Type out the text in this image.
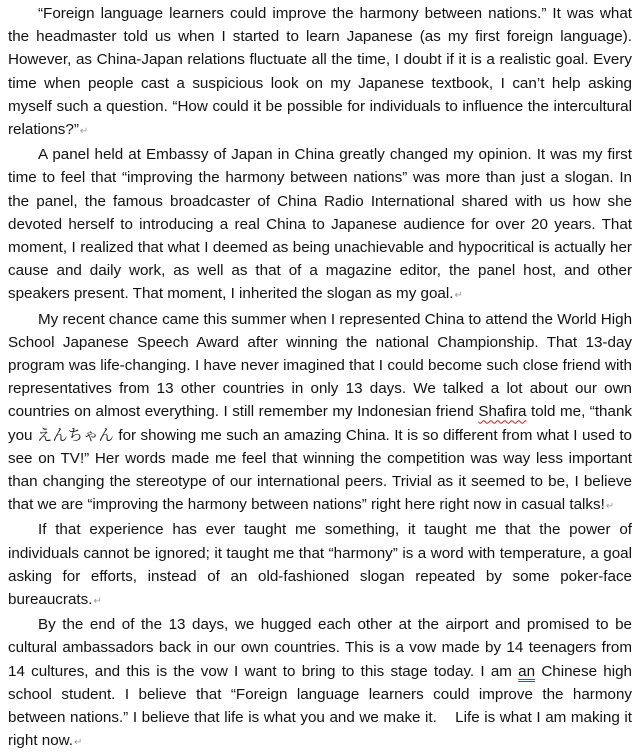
“Foreign language learners could improve the harmony between nations.” It was what the headmaster told us when I started to learn Japanese (as my first foreign language). However, as China-Japan relations fluctuate all the time, I doubt if it is a realistic goal. Every time when people cast a suspicious look on my Japanese textbook, I can’t help asking myself such a question. “How could it be possible for individuals to influence the intercultural relations?”↵

A panel held at Embassy of Japan in China greatly changed my opinion. It was my first time to feel that “improving the harmony between nations” was more than just a slogan. In the panel, the famous broadcaster of China Radio International shared with us how she devoted herself to introducing a real China to Japanese audience for over 20 years. That moment, I realized that what I deemed as being unachievable and hypocritical is actually her cause and daily work, as well as that of a magazine editor, the panel host, and other speakers present. That moment, I inherited the slogan as my goal.↵

My recent chance came this summer when I represented China to attend the World High School Japanese Speech Award after winning the national Championship. That 13-day program was life-changing. I have never imagined that I could become such close friend with representatives from 13 other countries in only 13 days. We talked a lot about our own countries on almost everything. I still remember my Indonesian friend Shafira told me, “thank you えんちゃん for showing me such an amazing China. It is so different from what I used to see on TV!” Her words made me feel that winning the competition was way less important than changing the stereotype of our international peers. Trivial as it seemed to be, I believe that we are “improving the harmony between nations” right here right now in casual talks!↵

If that experience has ever taught me something, it taught me that the power of individuals cannot be ignored; it taught me that “harmony” is a word with temperature, a goal asking for efforts, instead of an old-fashioned slogan repeated by some poker-face bureaucrats.↵

By the end of the 13 days, we hugged each other at the airport and promised to be cultural ambassadors back in our own countries. This is a vow made by 14 teenagers from 14 cultures, and this is the vow I want to bring to this stage today. I am an Chinese high school student. I believe that “Foreign language learners could improve the harmony between nations.” I believe that life is what you and we make it.    Life is what I am making it right now.↵
